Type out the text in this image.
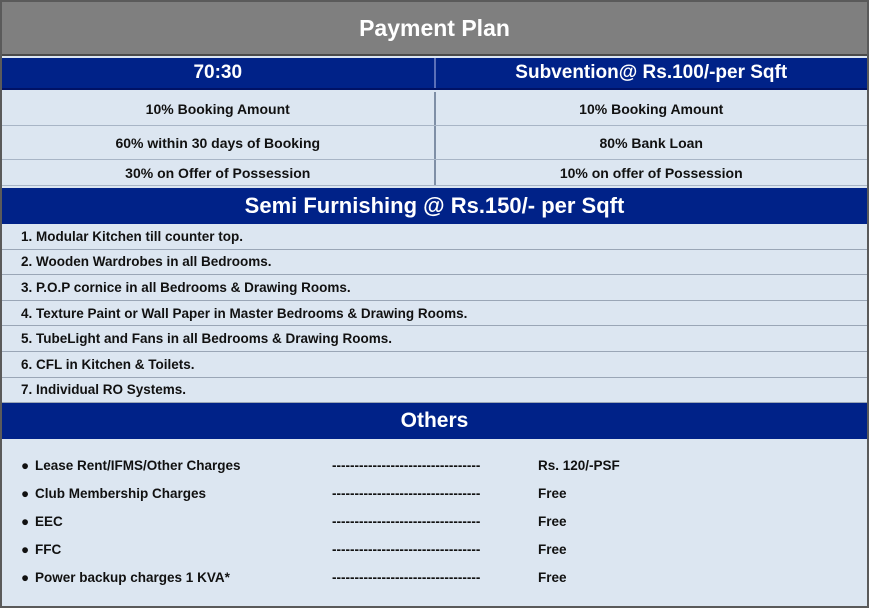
Payment Plan
70:30	Subvention@ Rs.100/-per Sqft
10% Booking Amount	10% Booking Amount
60% within 30 days of Booking	80% Bank Loan
30% on Offer of Possession	10% on offer of Possession
Semi Furnishing @ Rs.150/- per Sqft
1. Modular Kitchen till counter top.
2. Wooden Wardrobes in all Bedrooms.
3. P.O.P cornice in all Bedrooms & Drawing Rooms.
4. Texture Paint or Wall Paper in Master Bedrooms & Drawing Rooms.
5. TubeLight and Fans in all Bedrooms & Drawing Rooms.
6. CFL in Kitchen & Toilets.
7. Individual RO Systems.
Others
● Lease Rent/IFMS/Other Charges	---------------------------------	Rs. 120/-PSF
● Club Membership Charges	---------------------------------	Free
● EEC	---------------------------------	Free
● FFC	---------------------------------	Free
● Power backup charges 1 KVA*	---------------------------------	Free
